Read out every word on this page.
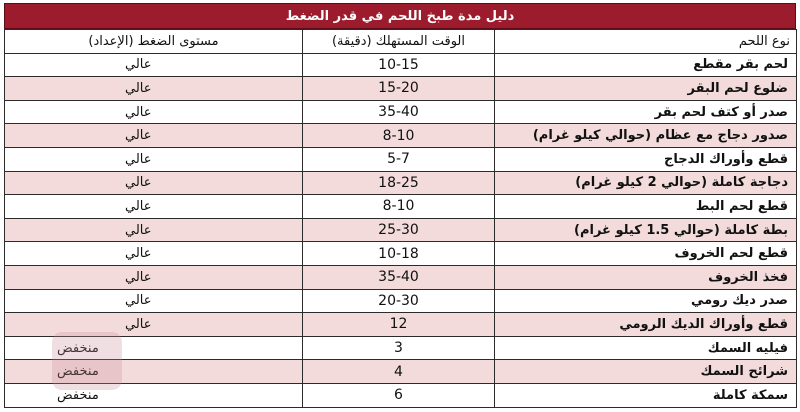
دليل مدة طبخ اللحم في قدر الضغط
نوع اللحم	الوقت المستهلك (دقيقة)	مستوى الضغط (الإعداد)
لحم بقر مقطع	10-15	عالي
ضلوع لحم البقر	15-20	عالي
صدر أو كتف لحم بقر	35-40	عالي
صدور دجاج مع عظام (حوالي كيلو غرام)	8-10	عالي
قطع وأوراك الدجاج	5-7	عالي
دجاجة كاملة (حوالي 2 كيلو غرام)	18-25	عالي
قطع لحم البط	8-10	عالي
بطة كاملة (حوالي 1.5 كيلو غرام)	25-30	عالي
قطع لحم الخروف	10-18	عالي
فخذ الخروف	35-40	عالي
صدر ديك رومي	20-30	عالي
قطع وأوراك الديك الرومي	12	عالي
فيليه السمك	3	منخفض
شرائح السمك	4	منخفض
سمكة كاملة	6	منخفض
